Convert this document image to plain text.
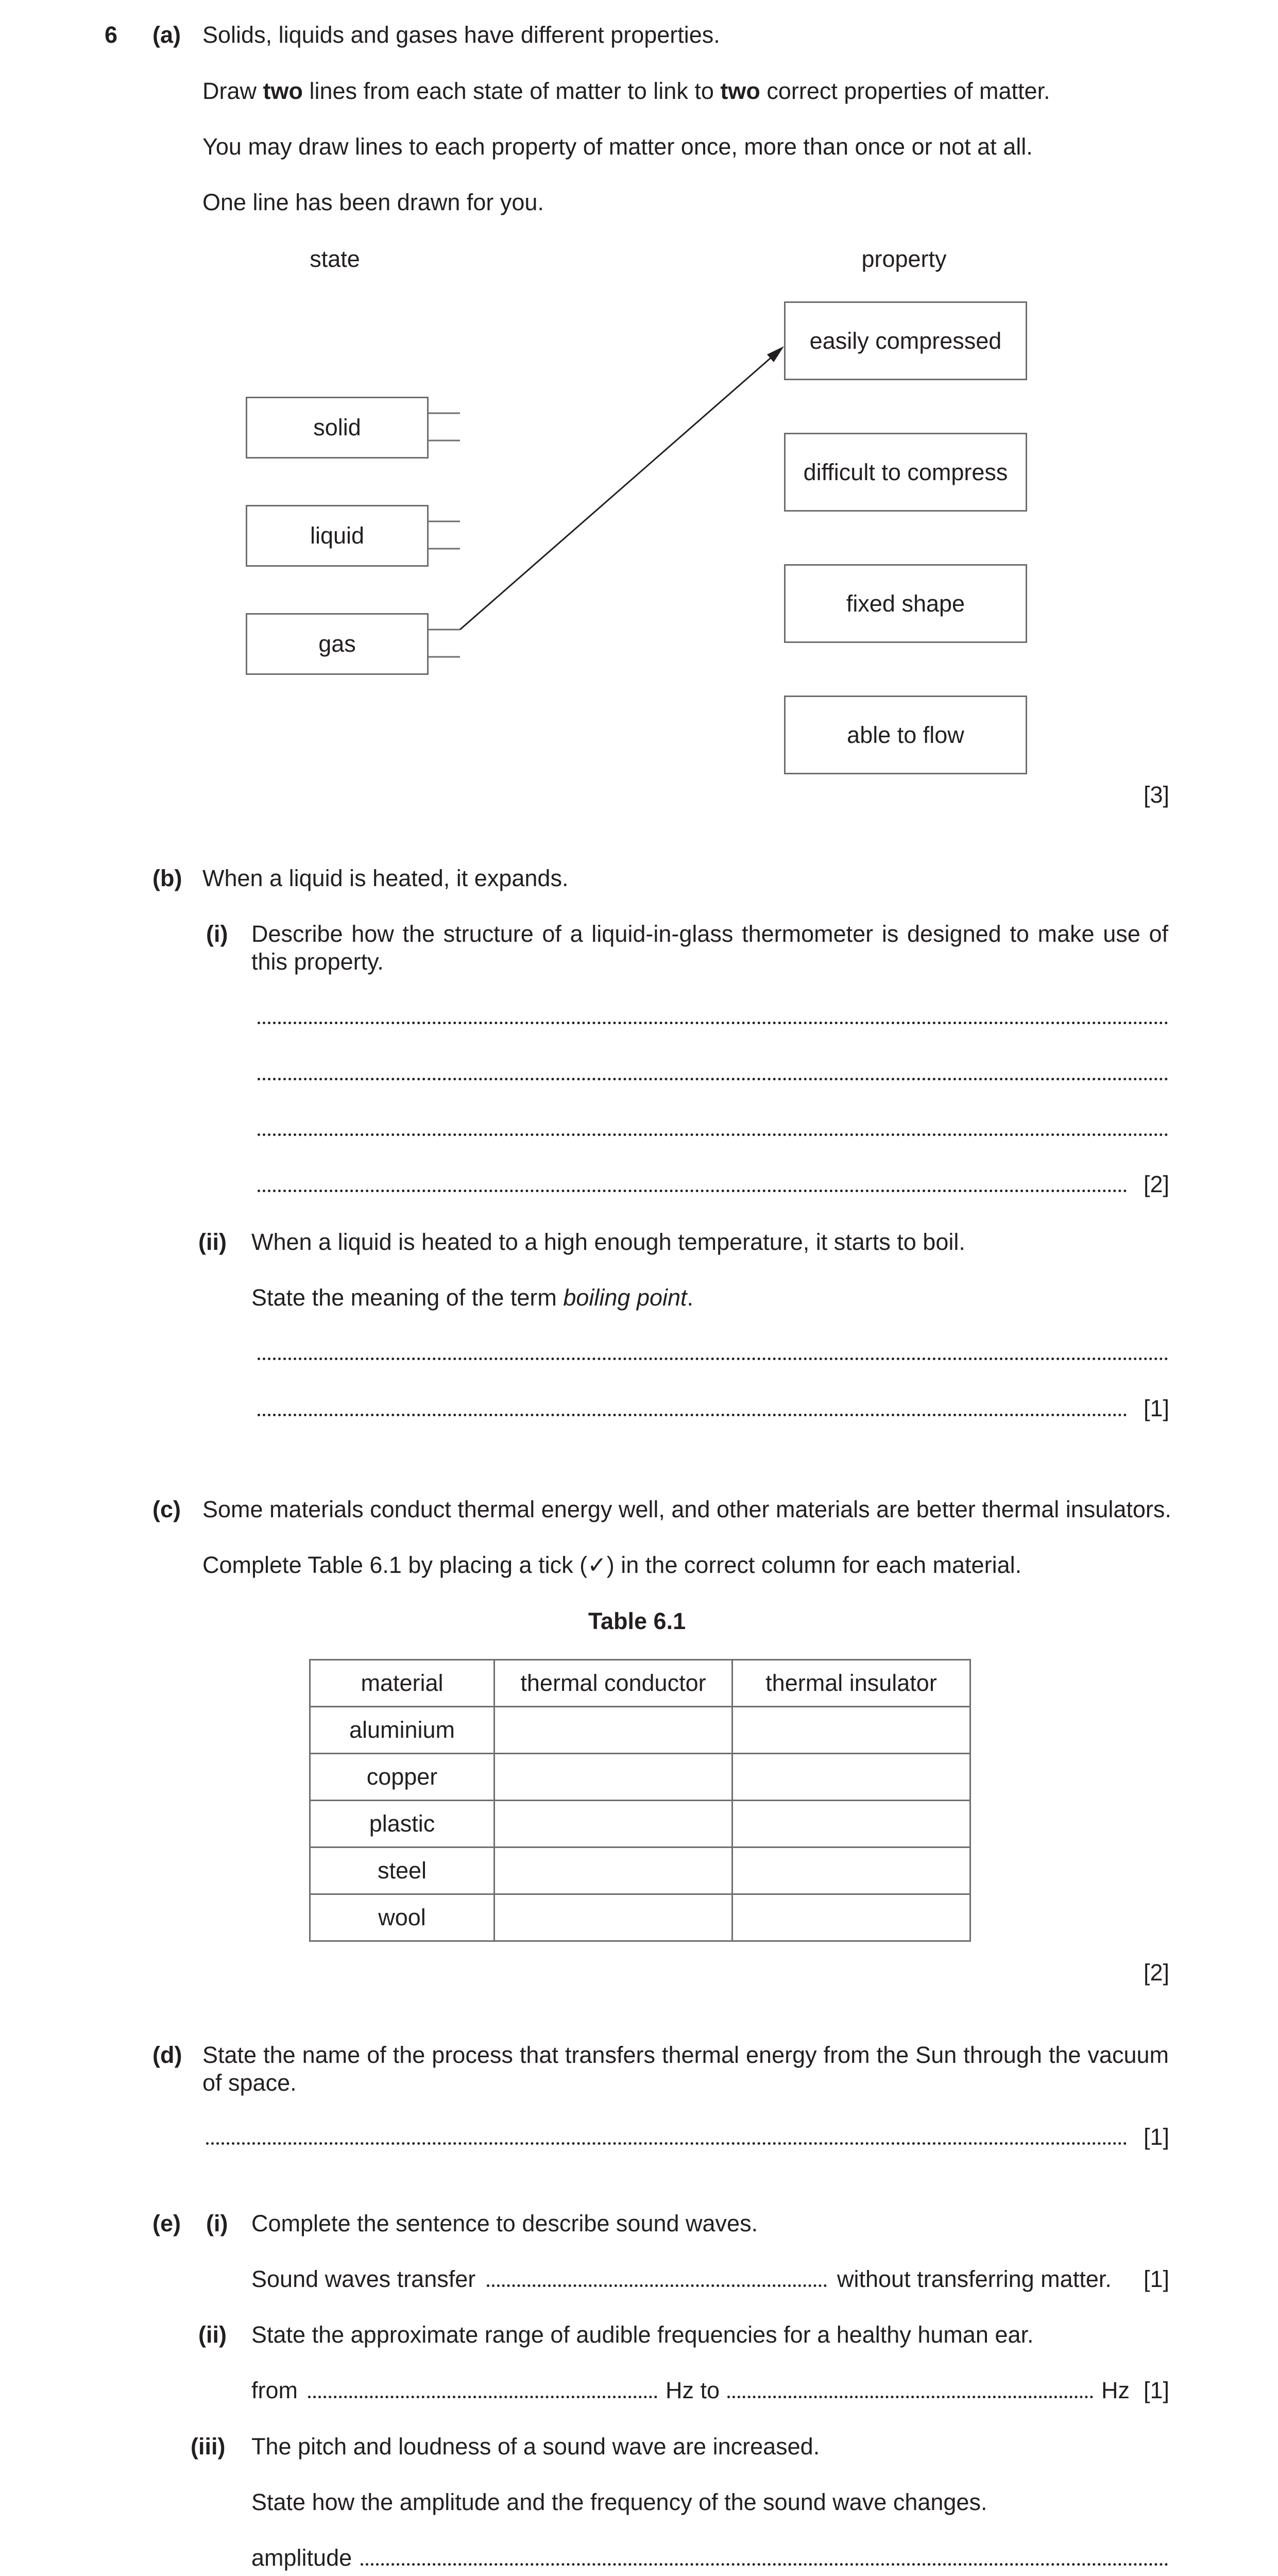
6 (a) Solids, liquids and gases have different properties.
Draw two lines from each state of matter to link to two correct properties of matter.
You may draw lines to each property of matter once, more than once or not at all.
One line has been drawn for you.
state	property
solid
liquid
gas
easily compressed
difficult to compress
fixed shape
able to flow
[3]
(b) When a liquid is heated, it expands.
(i) Describe how the structure of a liquid-in-glass thermometer is designed to make use of this property.
[2]
(ii) When a liquid is heated to a high enough temperature, it starts to boil.
State the meaning of the term boiling point.
[1]
(c) Some materials conduct thermal energy well, and other materials are better thermal insulators.
Complete Table 6.1 by placing a tick (✓) in the correct column for each material.
Table 6.1
material	thermal conductor	thermal insulator
aluminium		
copper		
plastic		
steel		
wool		
[2]
(d) State the name of the process that transfers thermal energy from the Sun through the vacuum of space.
[1]
(e) (i) Complete the sentence to describe sound waves.
Sound waves transfer	without transferring matter.	[1]
(ii) State the approximate range of audible frequencies for a healthy human ear.
from	Hz to	Hz [1]
(iii) The pitch and loudness of a sound wave are increased.
State how the amplitude and the frequency of the sound wave changes.
amplitude
